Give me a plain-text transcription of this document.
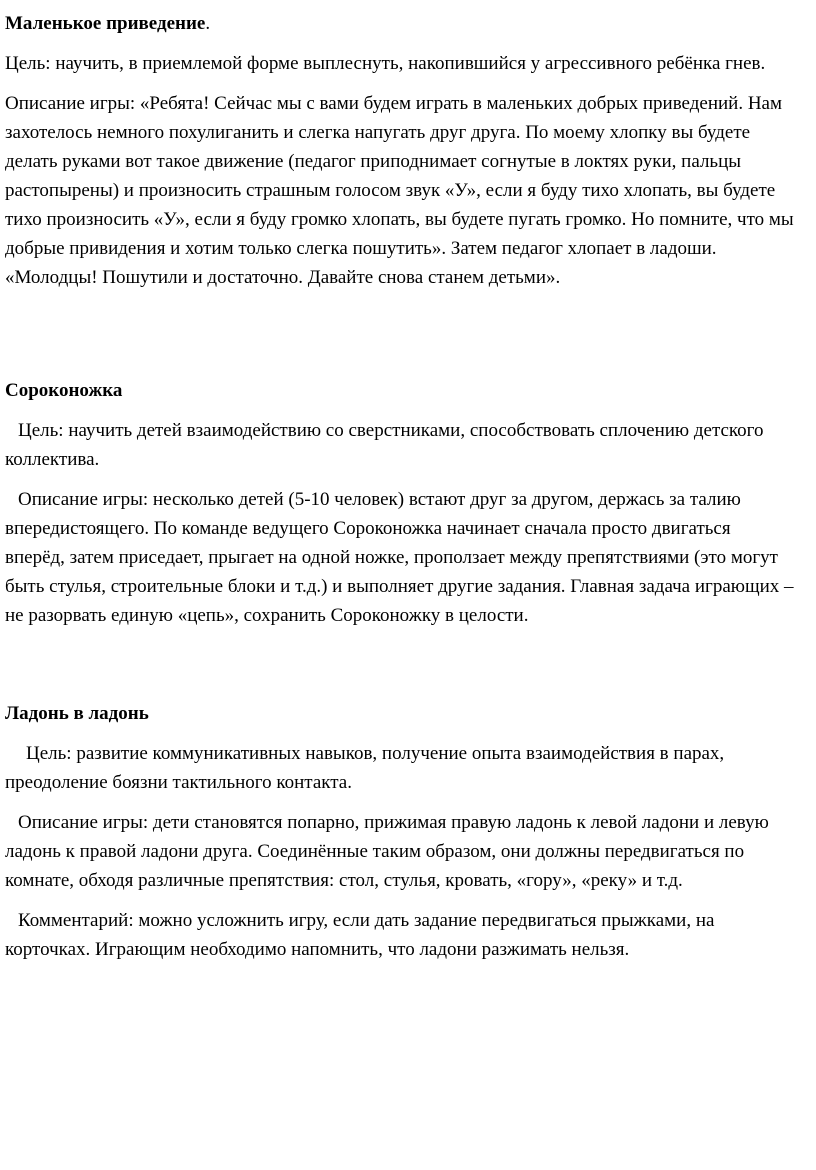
Маленькое приведение.

Цель: научить, в приемлемой форме выплеснуть, накопившийся у агрессивного ребёнка гнев.

Описание игры: «Ребята! Сейчас мы с вами будем играть в маленьких добрых приведений. Нам захотелось немного похулиганить и слегка напугать друг друга. По моему хлопку вы будете делать руками вот такое движение (педагог приподнимает согнутые в локтях руки, пальцы растопырены) и произносить страшным голосом звук «У», если я буду тихо хлопать, вы будете тихо произносить «У», если я буду громко хлопать, вы будете пугать громко. Но помните, что мы добрые привидения и хотим только слегка пошутить». Затем педагог хлопает в ладоши. «Молодцы! Пошутили и достаточно. Давайте снова станем детьми».

Сороконожка

Цель: научить детей взаимодействию со сверстниками, способствовать сплочению детского коллектива.

Описание игры: несколько детей (5-10 человек) встают друг за другом, держась за талию впередистоящего. По команде ведущего Сороконожка начинает сначала просто двигаться вперёд, затем приседает, прыгает на одной ножке, проползает между препятствиями (это могут быть стулья, строительные блоки и т.д.) и выполняет другие задания. Главная задача играющих – не разорвать единую «цепь», сохранить Сороконожку в целости.

Ладонь в ладонь

Цель: развитие коммуникативных навыков, получение опыта взаимодействия в парах, преодоление боязни тактильного контакта.

Описание игры: дети становятся попарно, прижимая правую ладонь к левой ладони и левую ладонь к правой ладони друга. Соединённые таким образом, они должны передвигаться по комнате, обходя различные препятствия: стол, стулья, кровать, «гору», «реку» и т.д.

Комментарий: можно усложнить игру, если дать задание передвигаться прыжками, на корточках. Играющим необходимо напомнить, что ладони разжимать нельзя.
